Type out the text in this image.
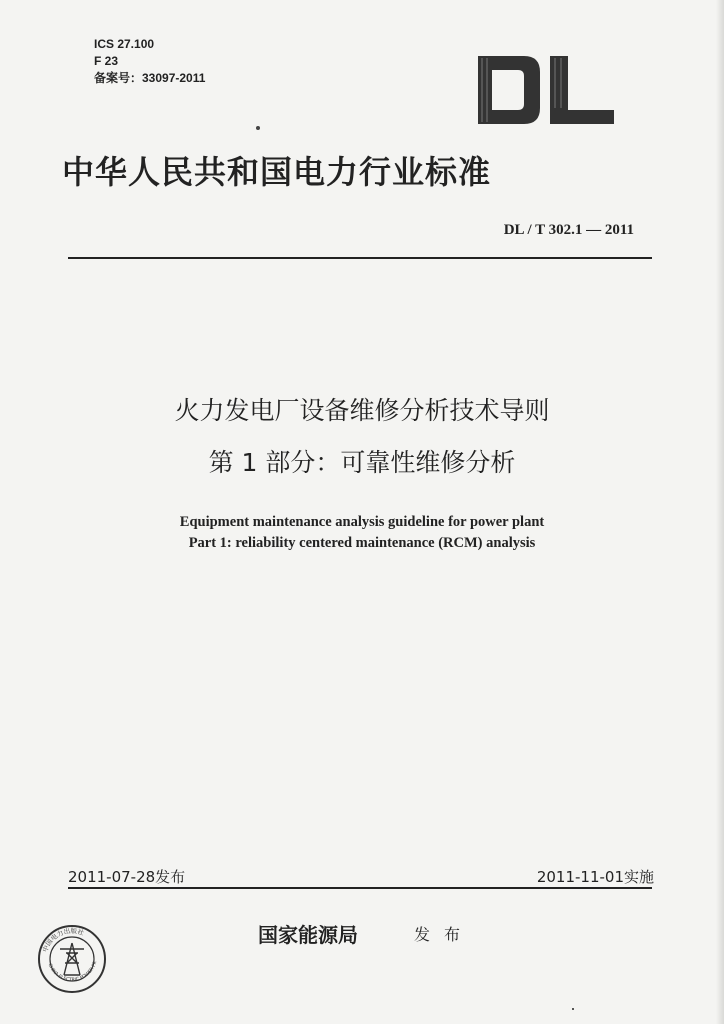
ICS 27.100
F 23
备案号：33097-2011
中华人民共和国电力行业标准
DL / T 302.1 — 2011
火力发电厂设备维修分析技术导则
第 1 部分：可靠性维修分析
Equipment maintenance analysis guideline for power plant
Part 1: reliability centered maintenance (RCM) analysis
2011-07-28发布	2011-11-01实施
国家能源局	发布
中国电力出版社
CHINA ELECTRIC POWER PR
